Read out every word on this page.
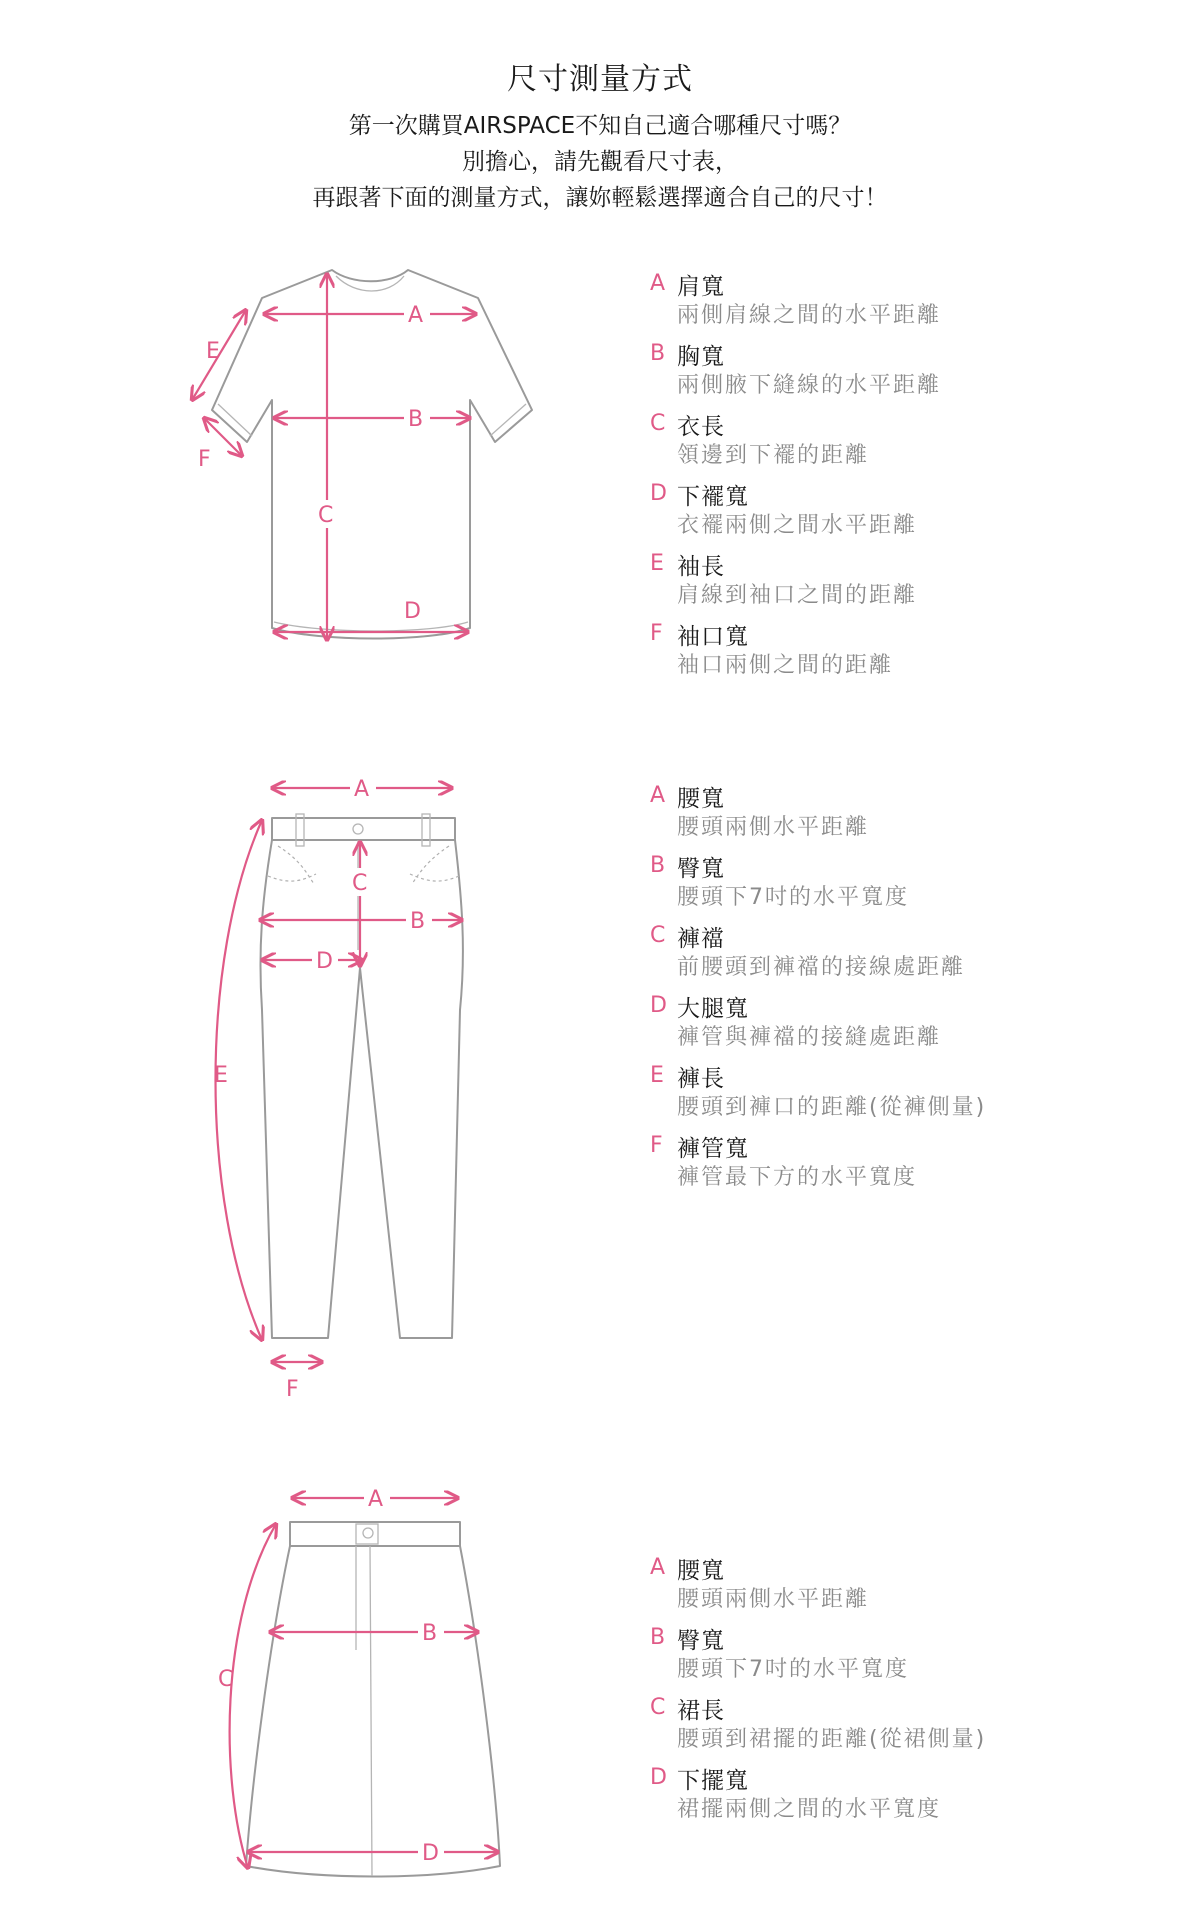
尺寸測量方式
第一次購買AIRSPACE不知自己適合哪種尺寸嗎？
別擔心，請先觀看尺寸表，
再跟著下面的測量方式，讓妳輕鬆選擇適合自己的尺寸！
A
B
C
D
E
F
A 肩寬
兩側肩線之間的水平距離
B 胸寬
兩側腋下縫線的水平距離
C 衣長
領邊到下襬的距離
D 下襬寬
衣襬兩側之間水平距離
E 袖長
肩線到袖口之間的距離
F 袖口寬
袖口兩側之間的距離
A
B
C
D
E
F
A 腰寬
腰頭兩側水平距離
B 臀寬
腰頭下7吋的水平寬度
C 褲襠
前腰頭到褲襠的接線處距離
D 大腿寬
褲管與褲襠的接縫處距離
E 褲長
腰頭到褲口的距離(從褲側量)
F 褲管寬
褲管最下方的水平寬度
A
B
C
D
A 腰寬
腰頭兩側水平距離
B 臀寬
腰頭下7吋的水平寬度
C 裙長
腰頭到裙擺的距離(從裙側量)
D 下擺寬
裙擺兩側之間的水平寬度
